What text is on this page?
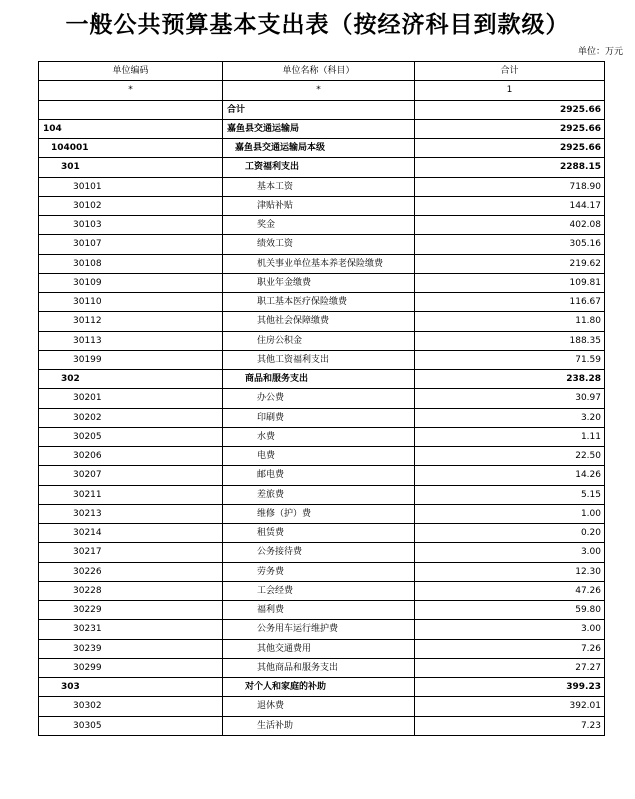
一般公共预算基本支出表（按经济科目到款级）
单位：万元
单位编码	单位名称（科目）	合计
*	*	1
	合计	2925.66
104	嘉鱼县交通运输局	2925.66
104001	嘉鱼县交通运输局本级	2925.66
301	工资福利支出	2288.15
30101	基本工资	718.90
30102	津贴补贴	144.17
30103	奖金	402.08
30107	绩效工资	305.16
30108	机关事业单位基本养老保险缴费	219.62
30109	职业年金缴费	109.81
30110	职工基本医疗保险缴费	116.67
30112	其他社会保障缴费	11.80
30113	住房公积金	188.35
30199	其他工资福利支出	71.59
302	商品和服务支出	238.28
30201	办公费	30.97
30202	印刷费	3.20
30205	水费	1.11
30206	电费	22.50
30207	邮电费	14.26
30211	差旅费	5.15
30213	维修（护）费	1.00
30214	租赁费	0.20
30217	公务接待费	3.00
30226	劳务费	12.30
30228	工会经费	47.26
30229	福利费	59.80
30231	公务用车运行维护费	3.00
30239	其他交通费用	7.26
30299	其他商品和服务支出	27.27
303	对个人和家庭的补助	399.23
30302	退休费	392.01
30305	生活补助	7.23
